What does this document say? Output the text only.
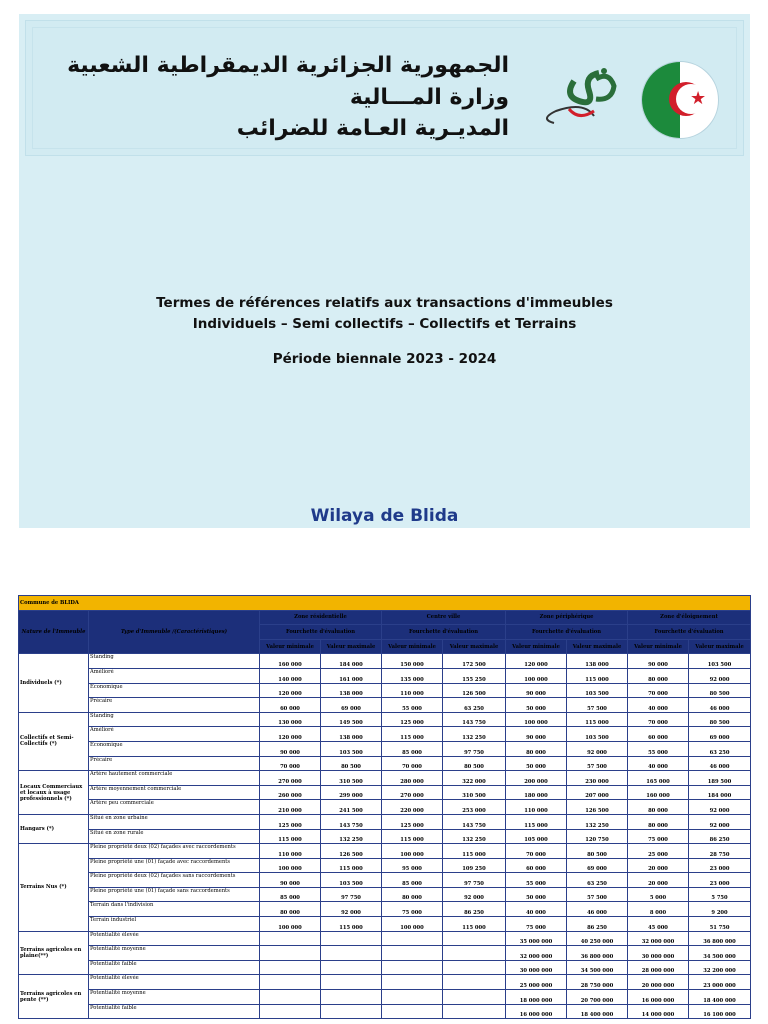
الجمهورية الجزائرية الديمقراطية الشعبية
وزارة المـــالية
المديـرية العـامة للضرائب
★
Termes de références relatifs aux transactions d'immeubles
Individuels – Semi collectifs – Collectifs et Terrains
Période biennale 2023 - 2024
Wilaya de Blida
Commune de BLIDA									
Nature de l'Immeuble	Type d'Immeuble /(Caractéristiques)	Zone résidentielle		Centre ville		Zone périphérique		Zone d'éloignement	
		Fourchette d'évaluation		Fourchette d'évaluation		Fourchette d'évaluation		Fourchette d'évaluation	
		Valeur minimale	Valeur maximale	Valeur minimale	Valeur maximale	Valeur minimale	Valeur maximale	Valeur minimale	Valeur maximale
Individuels (*)	Standing	160 000	184 000	150 000	172 500	120 000	138 000	90 000	103 500
	Amélioré	140 000	161 000	135 000	155 250	100 000	115 000	80 000	92 000
	Economique	120 000	138 000	110 000	126 500	90 000	103 500	70 000	80 500
	Précaire	60 000	69 000	55 000	63 250	50 000	57 500	40 000	46 000
Collectifs et Semi-Collectifs (*)	Standing	130 000	149 500	125 000	143 750	100 000	115 000	70 000	80 500
	Amélioré	120 000	138 000	115 000	132 250	90 000	103 500	60 000	69 000
	Economique	90 000	103 500	85 000	97 750	80 000	92 000	55 000	63 250
	Précaire	70 000	80 500	70 000	80 500	50 000	57 500	40 000	46 000
Locaux Commerciaux et locaux à usage professionnels (*)	Artère hautement commerciale	270 000	310 500	280 000	322 000	200 000	230 000	165 000	189 500
	Artère moyennement commerciale	260 000	299 000	270 000	310 500	180 000	207 000	160 000	184 000
	Artère peu commerciale	210 000	241 500	220 000	253 000	110 000	126 500	80 000	92 000
Hangars (*)	Situé en zone urbaine	125 000	143 750	125 000	143 750	115 000	132 250	80 000	92 000
	Situé en zone rurale	115 000	132 250	115 000	132 250	105 000	120 750	75 000	86 250
Terrains Nus (*)	Pleine propriété deux (02) façades avec raccordements	110 000	126 500	100 000	115 000	70 000	80 500	25 000	28 750
	Pleine propriété une (01) façade avec raccordements	100 000	115 000	95 000	109 250	60 000	69 000	20 000	23 000
	Pleine propriété deux (02) façades sans raccordements	90 000	103 500	85 000	97 750	55 000	63 250	20 000	23 000
	Pleine propriété une (01) façade sans raccordements	85 000	97 750	80 000	92 000	50 000	57 500	5 000	5 750
	Terrain dans l'indivision	80 000	92 000	75 000	86 250	40 000	46 000	8 000	9 200
	Terrain industriel	100 000	115 000	100 000	115 000	75 000	86 250	45 000	51 750
Terrains agricoles en plaine(**)	Potentialité élevée					35 000 000	40 250 000	32 000 000	36 800 000
	Potentialité moyenne					32 000 000	36 800 000	30 000 000	34 500 000
	Potentialité faible					30 000 000	34 500 000	28 000 000	32 200 000
Terrains agricoles en pente (**)	Potentialité élevée					25 000 000	28 750 000	20 000 000	23 000 000
	Potentialité moyenne					18 000 000	20 700 000	16 000 000	18 400 000
	Potentialité faible					16 000 000	18 400 000	14 000 000	16 100 000
